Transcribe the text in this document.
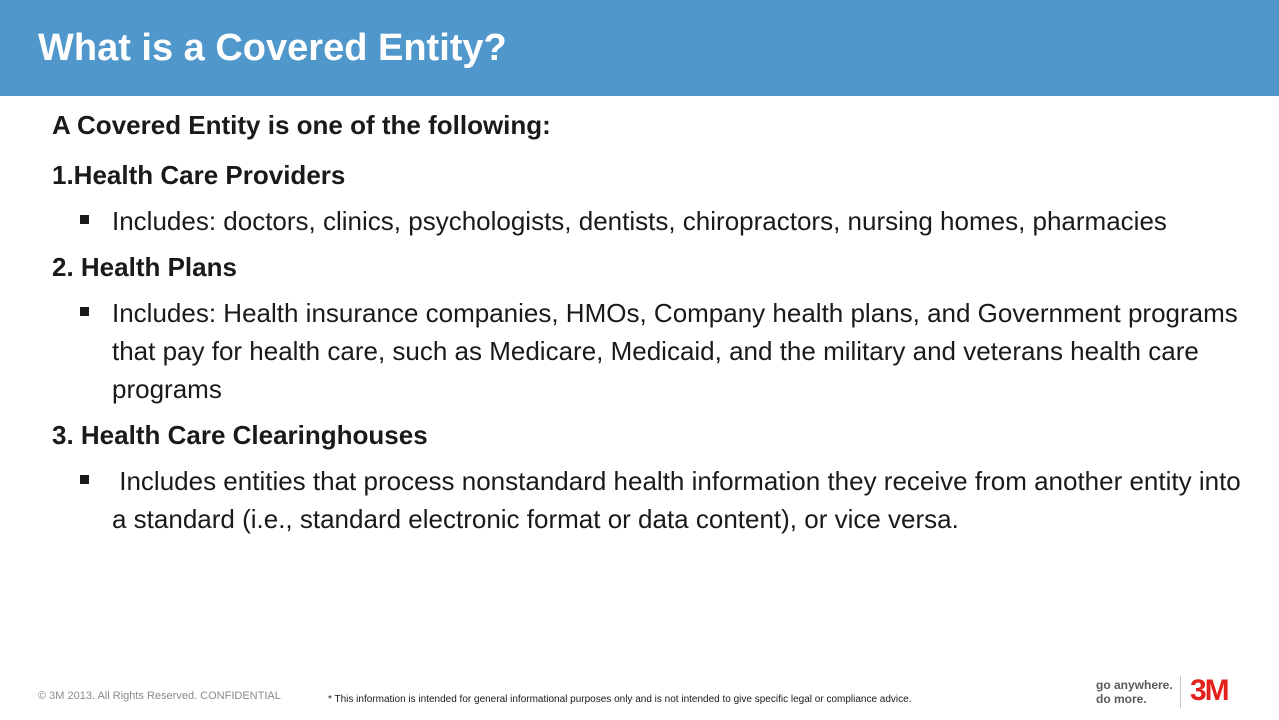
What is a Covered Entity?

A Covered Entity is one of the following:

1.Health Care Providers

Includes: doctors, clinics, psychologists, dentists, chiropractors, nursing homes, pharmacies

2. Health Plans

Includes: Health insurance companies, HMOs, Company health plans, and Government programs that pay for health care, such as Medicare, Medicaid, and the military and veterans health care programs

3. Health Care Clearinghouses

Includes entities that process nonstandard health information they receive from another entity into a standard (i.e., standard electronic format or data content), or vice versa.
© 3M 2013. All Rights Reserved. CONFIDENTIAL	* This information is intended for general informational purposes only and is not intended to give specific legal or compliance advice.
go anywhere.
do more.	3M
